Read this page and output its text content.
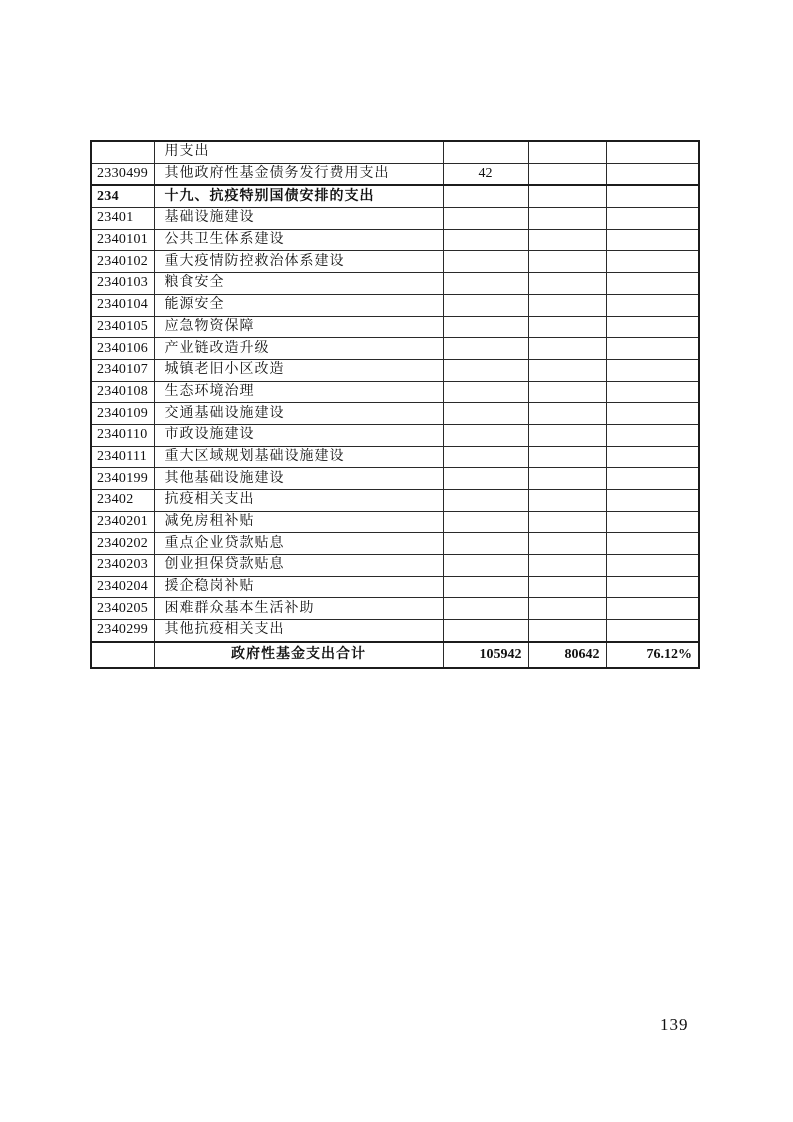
	用支出			
2330499	其他政府性基金债务发行费用支出	42		
234	十九、抗疫特别国债安排的支出			
23401	基础设施建设			
2340101	公共卫生体系建设			
2340102	重大疫情防控救治体系建设			
2340103	粮食安全			
2340104	能源安全			
2340105	应急物资保障			
2340106	产业链改造升级			
2340107	城镇老旧小区改造			
2340108	生态环境治理			
2340109	交通基础设施建设			
2340110	市政设施建设			
2340111	重大区域规划基础设施建设			
2340199	其他基础设施建设			
23402	抗疫相关支出			
2340201	减免房租补贴			
2340202	重点企业贷款贴息			
2340203	创业担保贷款贴息			
2340204	援企稳岗补贴			
2340205	困难群众基本生活补助			
2340299	其他抗疫相关支出			
	政府性基金支出合计	105942	80642	76.12%
139
